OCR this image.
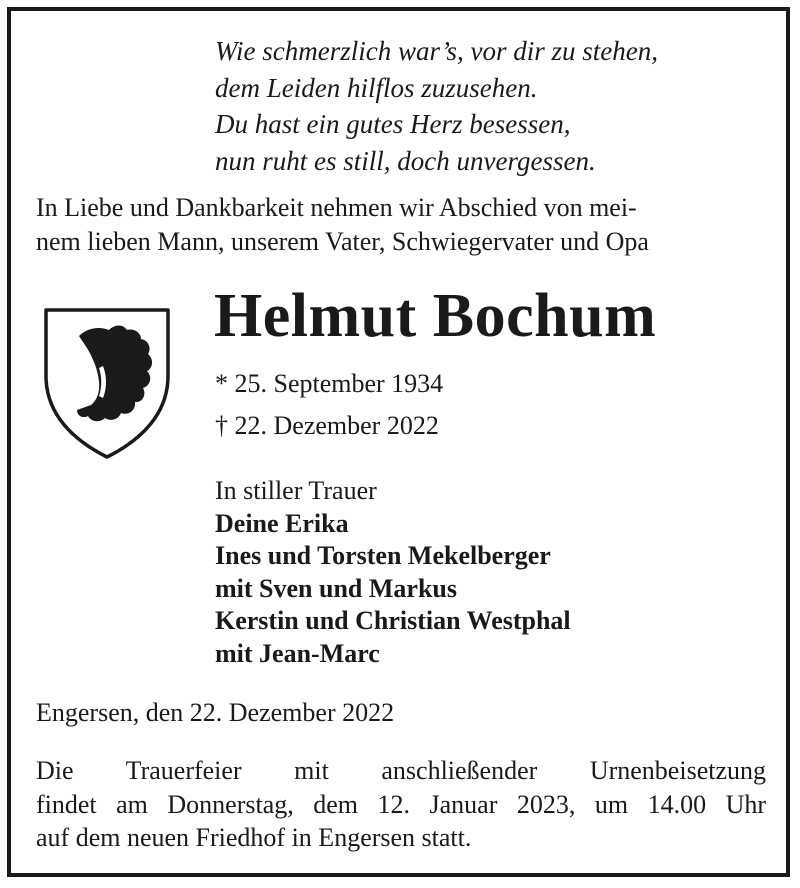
Wie schmerzlich war’s, vor dir zu stehen,
dem Leiden hilflos zuzusehen.
Du hast ein gutes Herz besessen,
nun ruht es still, doch unvergessen.
In Liebe und Dankbarkeit nehmen wir Abschied von mei-
nem lieben Mann, unserem Vater, Schwiegervater und Opa
Helmut Bochum
* 25. September 1934
† 22. Dezember 2022
In stiller Trauer
Deine Erika
Ines und Torsten Mekelberger
mit Sven und Markus
Kerstin und Christian Westphal
mit Jean-Marc
Engersen, den 22. Dezember 2022
Die Trauerfeier mit anschließender Urnenbeisetzung
findet am Donnerstag, dem 12. Januar 2023, um 14.00 Uhr
auf dem neuen Friedhof in Engersen statt.
